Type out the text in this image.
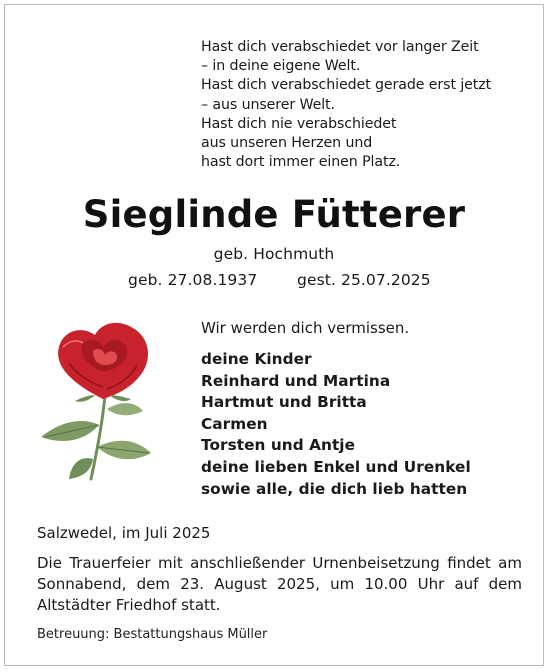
Hast dich verabschiedet vor langer Zeit
– in deine eigene Welt.
Hast dich verabschiedet gerade erst jetzt
– aus unserer Welt.
Hast dich nie verabschiedet
aus unseren Herzen und
hast dort immer einen Platz.
Sieglinde Fütterer
geb. Hochmuth
geb. 27.08.1937	gest. 25.07.2025
Wir werden dich vermissen.
deine Kinder
Reinhard und Martina
Hartmut und Britta
Carmen
Torsten und Antje
deine lieben Enkel und Urenkel
sowie alle, die dich lieb hatten
Salzwedel, im Juli 2025
Die Trauerfeier mit anschließender Urnenbeisetzung findet am Sonnabend, dem 23. August 2025, um 10.00 Uhr auf dem Altstädter Friedhof statt.
Betreuung: Bestattungshaus Müller
